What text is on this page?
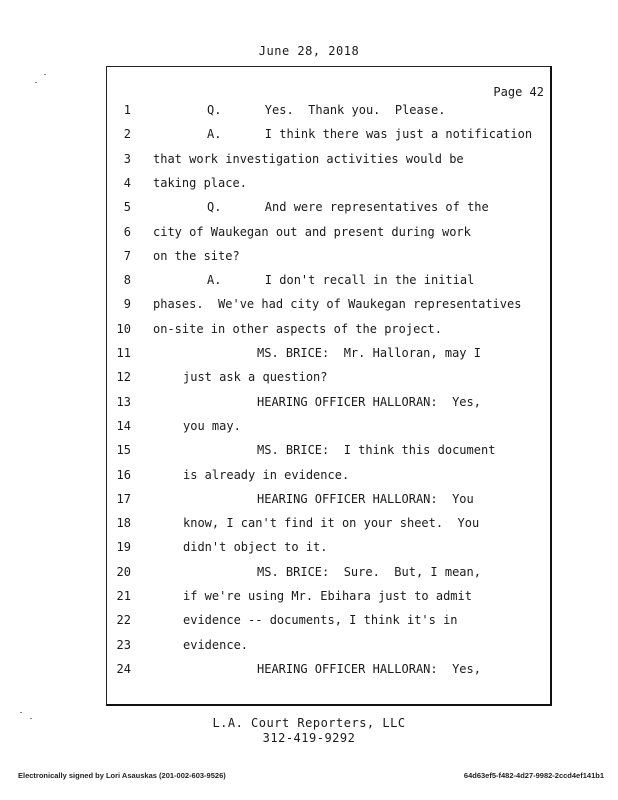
June 28, 2018
Page 42
1	Q.      Yes.  Thank you.  Please.
2	A.      I think there was just a notification
3 that work investigation activities would be
4 taking place.
5	Q.      And were representatives of the
6 city of Waukegan out and present during work
7 on the site?
8	A.      I don't recall in the initial
9 phases.  We've had city of Waukegan representatives
10 on-site in other aspects of the project.
11	MS. BRICE:  Mr. Halloran, may I
12	just ask a question?
13	HEARING OFFICER HALLORAN:  Yes,
14	you may.
15	MS. BRICE:  I think this document
16	is already in evidence.
17	HEARING OFFICER HALLORAN:  You
18	know, I can't find it on your sheet.  You
19	didn't object to it.
20	MS. BRICE:  Sure.  But, I mean,
21	if we're using Mr. Ebihara just to admit
22	evidence -- documents, I think it's in
23	evidence.
24	HEARING OFFICER HALLORAN:  Yes,
L.A. Court Reporters, LLC
312-419-9292
Electronically signed by Lori Asauskas (201-002-603-9526)	64d63ef5-f482-4d27-9982-2ccd4ef141b1
